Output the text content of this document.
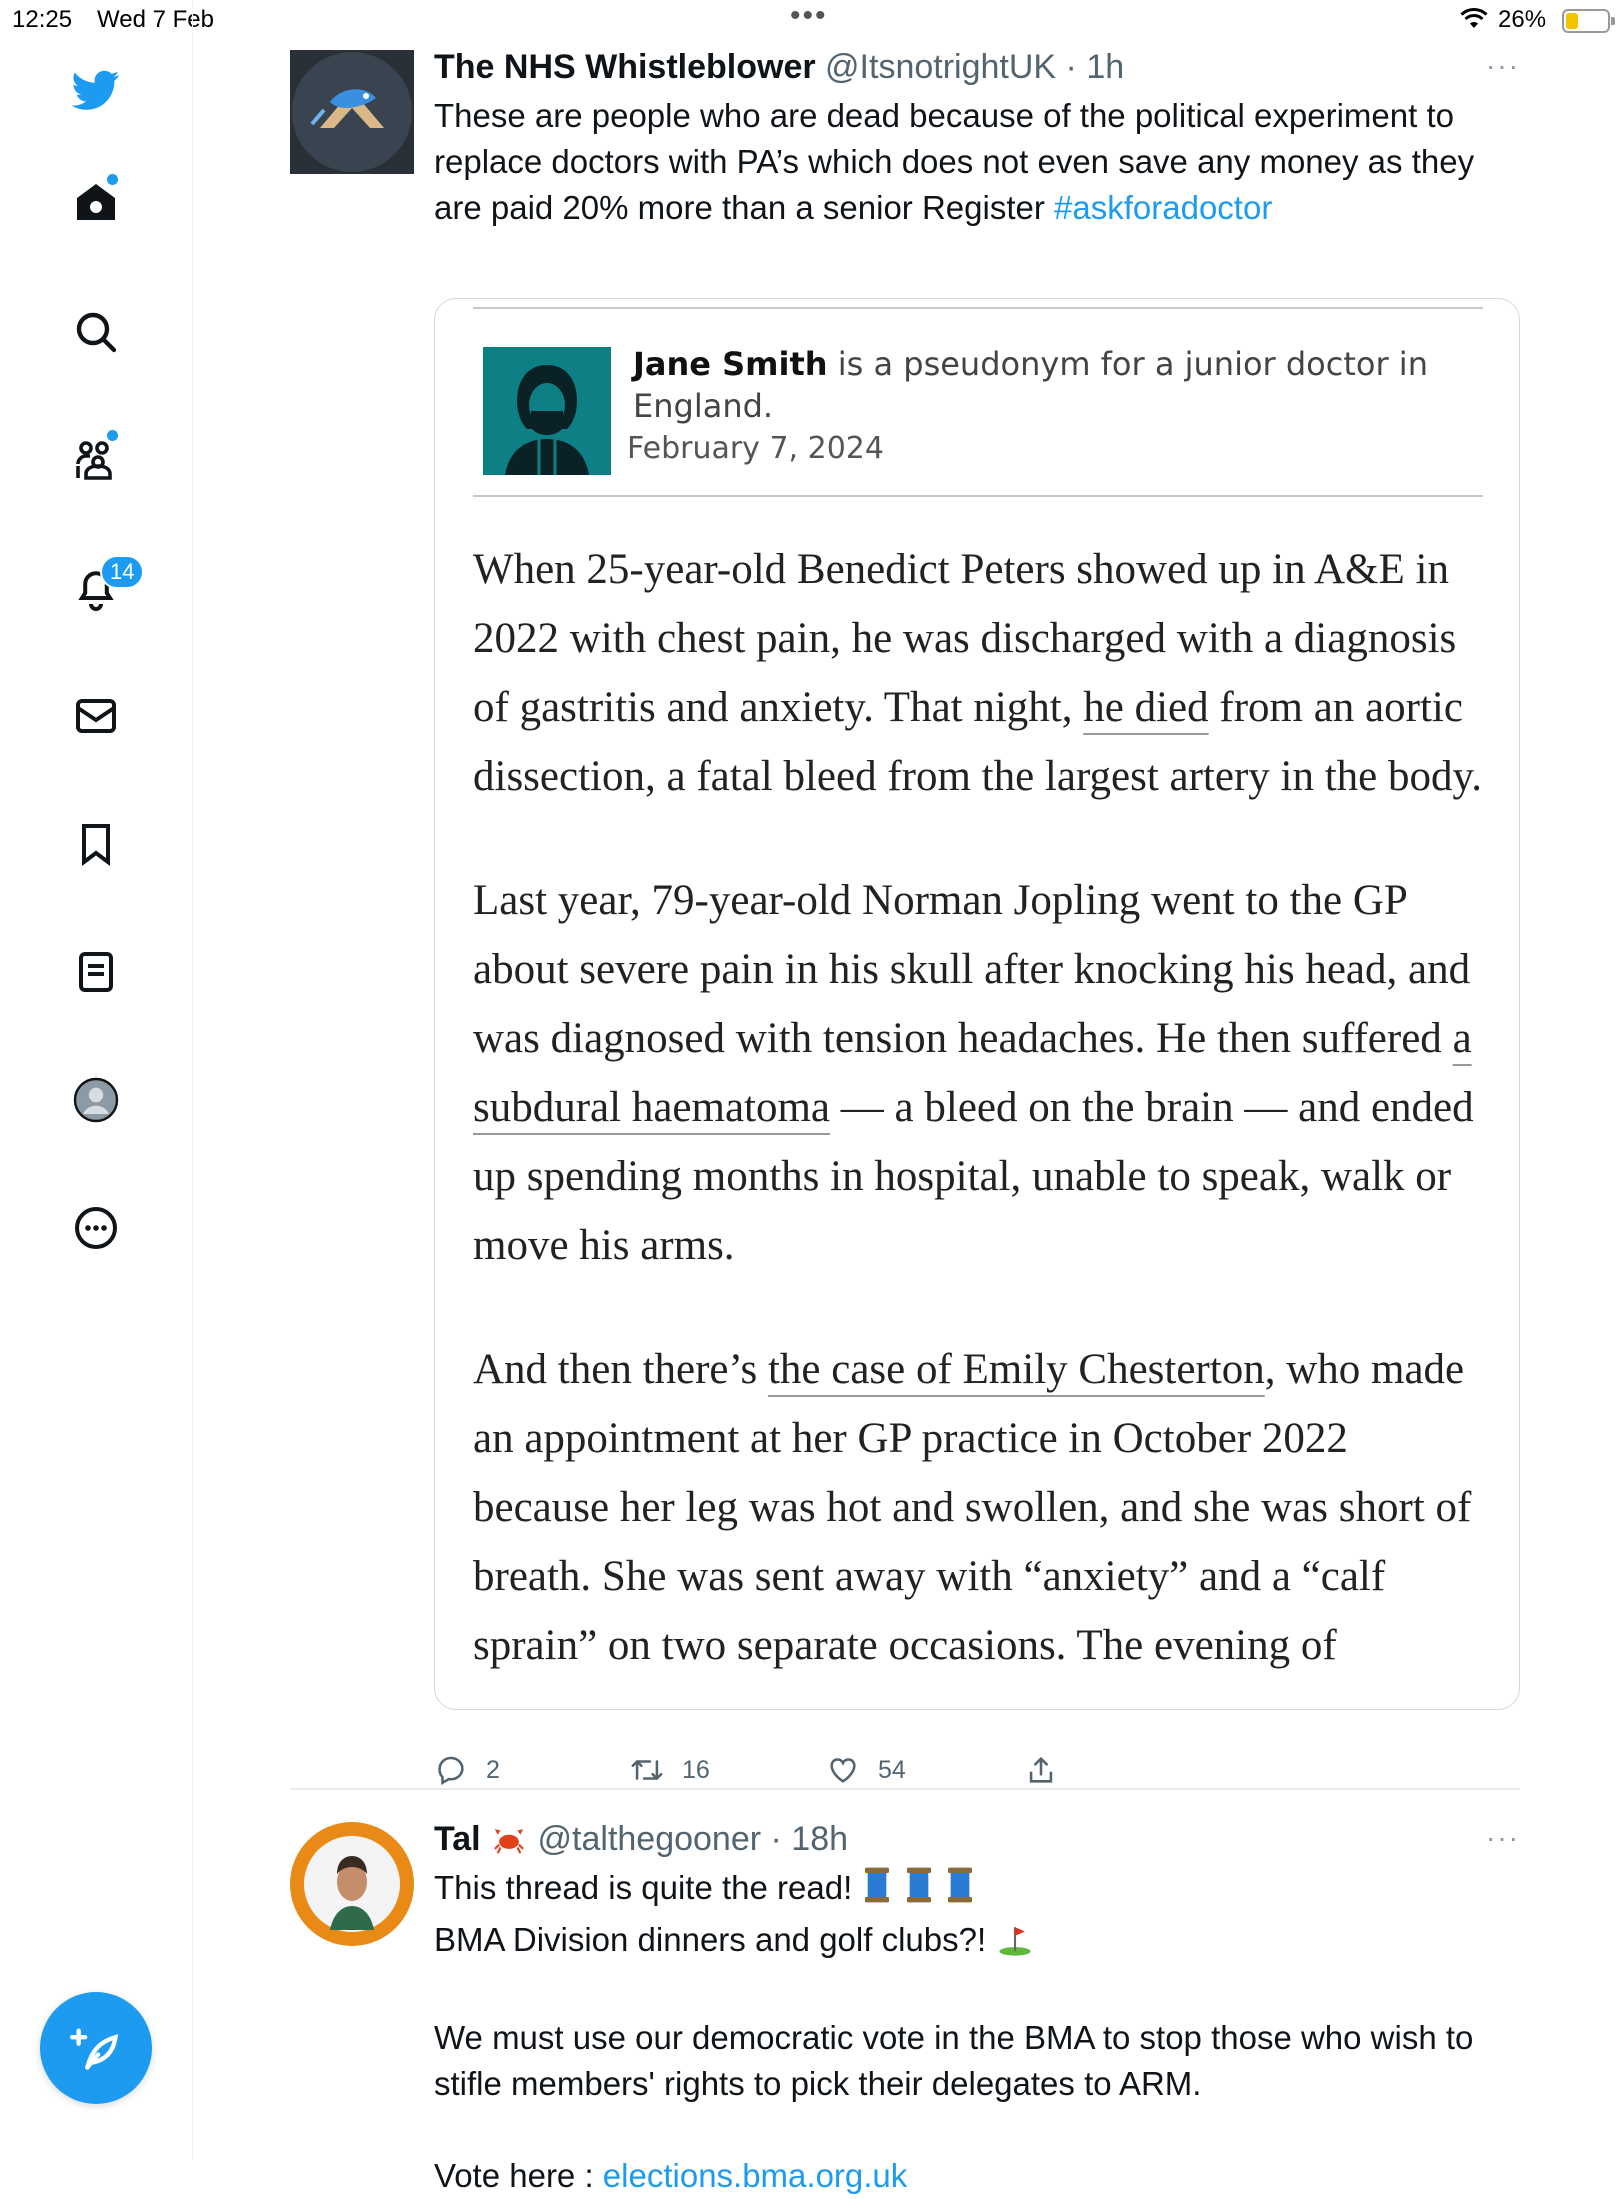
12:25 Wed 7 Feb	•••	26%
14
The NHS Whistleblower @ItsnotrightUK · 1h	···
These are people who are dead because of the political experiment to replace doctors with PA’s which does not even save any money as they are paid 20% more than a senior Register #askforadoctor
Jane Smith is a pseudonym for a junior doctor in England.
February 7, 2024

When 25-year-old Benedict Peters showed up in A&E in 2022 with chest pain, he was discharged with a diagnosis of gastritis and anxiety. That night, he died from an aortic dissection, a fatal bleed from the largest artery in the body.

Last year, 79-year-old Norman Jopling went to the GP about severe pain in his skull after knocking his head, and was diagnosed with tension headaches. He then suffered a subdural haematoma — a bleed on the brain — and ended up spending months in hospital, unable to speak, walk or move his arms.

And then there’s the case of Emily Chesterton, who made an appointment at her GP practice in October 2022 because her leg was hot and swollen, and she was short of breath. She was sent away with “anxiety” and a “calf sprain” on two separate occasions. The evening of

2	16	54
Tal @talthegooner · 18h	···
This thread is quite the read!
BMA Division dinners and golf clubs?!
We must use our democratic vote in the BMA to stop those who wish to stifle members' rights to pick their delegates to ARM.
Vote here : elections.bma.org.uk
